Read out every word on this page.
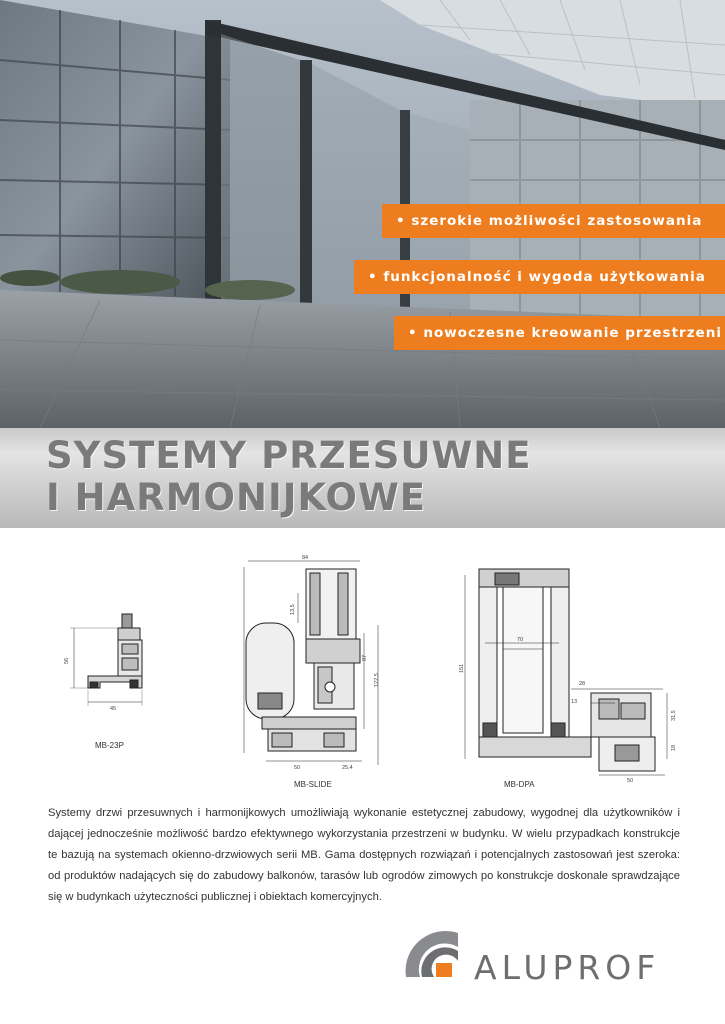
• szerokie możliwości zastosowania
• funkcjonalność i wygoda użytkowania
• nowoczesne kreowanie przestrzeni
SYSTEMY PRZESUWNE
I HARMONIJKOWE
56
45
MB-23P
84
13,5
87
122,5
50	25,4
MB-SLIDE
151
70
28
13
31,5
18
50
MB-DPA

Systemy drzwi przesuwnych i harmonijkowych umożliwiają wykonanie estetycznej zabudowy, wygodnej dla użytkowników i dającej jednocześnie możliwość bardzo efektywnego wykorzystania przestrzeni w budynku. W wielu przypadkach konstrukcje te bazują na systemach okienno-drzwiowych serii MB. Gama dostępnych rozwiązań i potencjalnych zastosowań jest szeroka: od produktów nadających się do zabudowy balkonów, tarasów lub ogrodów zimowych po konstrukcje doskonale sprawdzające się w budynkach użyteczności publicznej i obiektach komercyjnych.

ALUPROF
